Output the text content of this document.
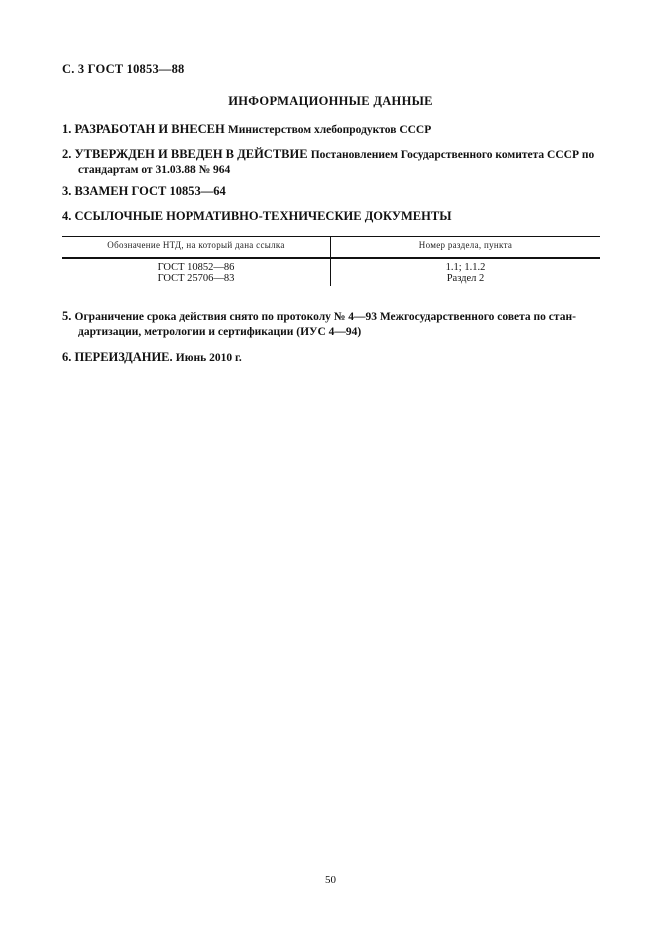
С. 3 ГОСТ 10853—88
ИНФОРМАЦИОННЫЕ ДАННЫЕ
1. РАЗРАБОТАН И ВНЕСЕН Министерством хлебопродуктов СССР
2. УТВЕРЖДЕН И ВВЕДЕН В ДЕЙСТВИЕ Постановлением Государственного комитета СССР по
стандартам от 31.03.88 № 964
3. ВЗАМЕН ГОСТ 10853—64
4. ССЫЛОЧНЫЕ НОРМАТИВНО-ТЕХНИЧЕСКИЕ ДОКУМЕНТЫ
Обозначение НТД, на который дана ссылка	Номер раздела, пункта
ГОСТ 10852—86	1.1; 1.1.2
ГОСТ 25706—83	Раздел 2
5. Ограничение срока действия снято по протоколу № 4—93 Межгосударственного совета по стан-
дартизации, метрологии и сертификации (ИУС 4—94)
6. ПЕРЕИЗДАНИЕ. Июнь 2010 г.
50
